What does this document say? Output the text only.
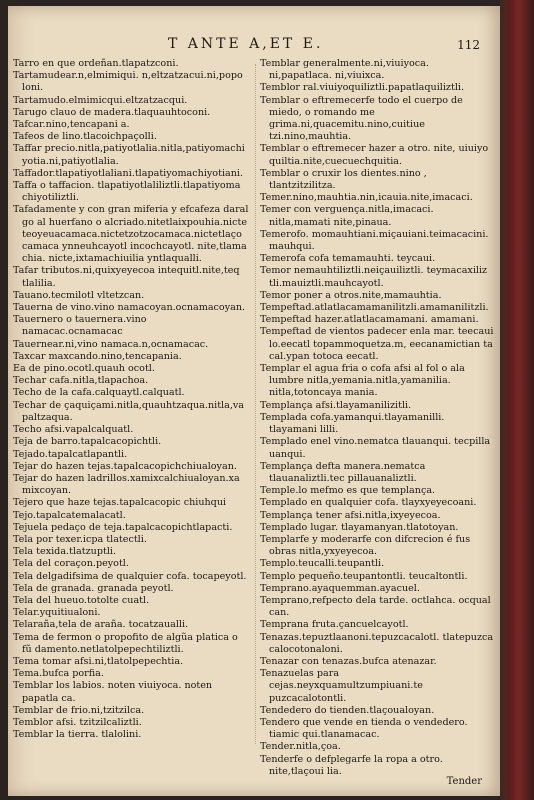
T ANTE A,ET E.	112

Tarro en que ordeñan.tlapatzconi.

Tartamudear.n,elmimiqui. n,eltzatzacui.ni,popo loni.

Tartamudo.elmimicqui.eltzatzacqui.

Tarugo clauo de madera.tlaquauhtoconi.

Tafcar.nino,tencapani a.

Tafeos de lino.tlacoichpaçolli.

Taffar precio.nitla,patiyotlalia.nitla,patiyomachi yotia.ni,patiyotlalia.

Taffador.tlapatiyotlaliani.tlapatiyomachiyotiani.

Taffa o taffacion. tlapatiyotlaliliztli.tlapatiyoma chiyotiliztli.

Tafadamente y con gran miferia y efcafeza daral go al huerfano o alcriado.nitetlaixpouhia.nicte teoyeuacamaca.nictetzotzocamaca.nictetlaço camaca ynneuhcayotl incochcayotl. nite,tlama chia. nicte,ixtamachiuilia yntlaqualli.

Tafar tributos.ni,quixyeyecoa intequitl.nite,teq tlalilia.

Tauano.tecmilotl vltetzcan.

Tauerna de vino.vino namacoyan.ocnamacoyan.

Tauernero o tauernera.vino namacac.ocnamacac

Tauernear.ni,vino namaca.n,ocnamacac.

Taxcar maxcando.nino,tencapania.

Ea de pino.ocotl.quauh ocotl.

Techar cafa.nitla,tlapachoa.

Techo de la cafa.calquaytl.calquatl.

Techar de çaquiçami.nitla,quauhtzaqua.nitla,va paltzaqua.

Techo afsi.vapalcalquatl.

Teja de barro.tapalcacopichtli.

Tejado.tapalcatlapantli.

Tejar do hazen tejas.tapalcacopichchiualoyan.

Tejar do hazen ladrillos.xamixcalchiualoyan.xa mixcoyan.

Tejero que haze tejas.tapalcacopic chiuhqui

Tejo.tapalcatemalacatl.

Tejuela pedaço de teja.tapalcacopichtlapacti.

Tela por texer.icpa tlatectli.

Tela texida.tlatzuptli.

Tela del coraçon.peyotl.

Tela delgadifsima de qualquier cofa. tocapeyotl.

Tela de granada. granada peyotl.

Tela del hueuo.totolte cuatl.

Telar.yquitiualoni.

Telaraña,tela de araña. tocatzaualli.

Tema de fermon o propofito de algũa platica o fũ damento.netlatolpepechtiliztli.

Tema tomar afsi.ni,tlatolpepechtia.

Tema.bufca porfia.

Temblar los labios. noten viuiyoca. noten papatla ca.

Temblar de frio.ni,tzitzilca.

Temblor afsi. tzitzilcaliztli.

Temblar la tierra. tlalolini.

Temblar generalmente.ni,viuiyoca. ni,papatlaca. ni,viuixca.

Temblor ral.viuiyoquiliztli.papatlaquiliztli.

Temblar o eftremecerfe todo el cuerpo de miedo, o romando me grima.ni,quacemitu.nino,cuitiue tzi.nino,mauhtia.

Temblar o eftremecer hazer a otro. nite, uiuiyo quiltia.nite,cuecuechquitia.

Temblar o cruxir los dientes.nino , tlantzitzilitza.

Temer.nino,mauhtia.nin,icauia.nite,imacaci.

Temer con verguença.nitla,imacaci. nitla,mamati nite,pinaua.

Temerofo. momauhtiani.miçauiani.teimacacini. mauhqui.

Temerofa cofa temamauhti. teycaui.

Temor nemauhtiliztli.neiçauiliztli. teymacaxiliz tli.mauiztli.mauhcayotl.

Temor poner a otros.nite,mamauhtia.

Tempeftad.atlatlacamamanilitzli.amamanilitzli.

Tempeftad hazer.atlatlacamamani. amamani.

Tempeftad de vientos padecer enla mar. teecaui lo.eecatl topammoquetza.m, eecanamictian ta cal.ypan totoca eecatl.

Templar el agua fria o cofa afsi al fol o ala lumbre nitla,yemania.nitla,yamanilia. nitla,totoncaya mania.

Templança afsi.tlayamanilizitli.

Templada cofa.yamanqui.tlayamanilli. tlayamani lilli.

Templado enel vino.nematca tlauanqui. tecpilla uanqui.

Templança defta manera.nematca tlauanaliztli.tec pillauanaliztli.

Temple.lo mefmo es que templança.

Templado en qualquier cofa. tlayxyeyecoani.

Templança tener afsi.nitla,ixyeyecoa.

Templado lugar. tlayamanyan.tlatotoyan.

Templarfe y moderarfe con difcrecion é fus obras nitla,yxyeyecoa.

Templo.teucalli.teupantli.

Templo pequeño.teupantontli. teucaltontli.

Temprano.ayaquemman.ayacuel.

Temprano,refpecto dela tarde. octlahca. ocqual can.

Temprana fruta.çancuelcayotl.

Tenazas.tepuztlaanoni.tepuzcacalotl. tlatepuzca calocotonaloni.

Tenazar con tenazas.bufca atenazar.

Tenazuelas para cejas.neyxquamultzumpiuani.te puzcacalotontli.

Tendedero do tienden.tlaçoualoyan.

Tendero que vende en tienda o vendedero. tiamic qui.tlanamacac.

Tender.nitla,çoa.

Tenderfe o defplegarfe la ropa a otro. nite,tlaçoui lia.

Tender
